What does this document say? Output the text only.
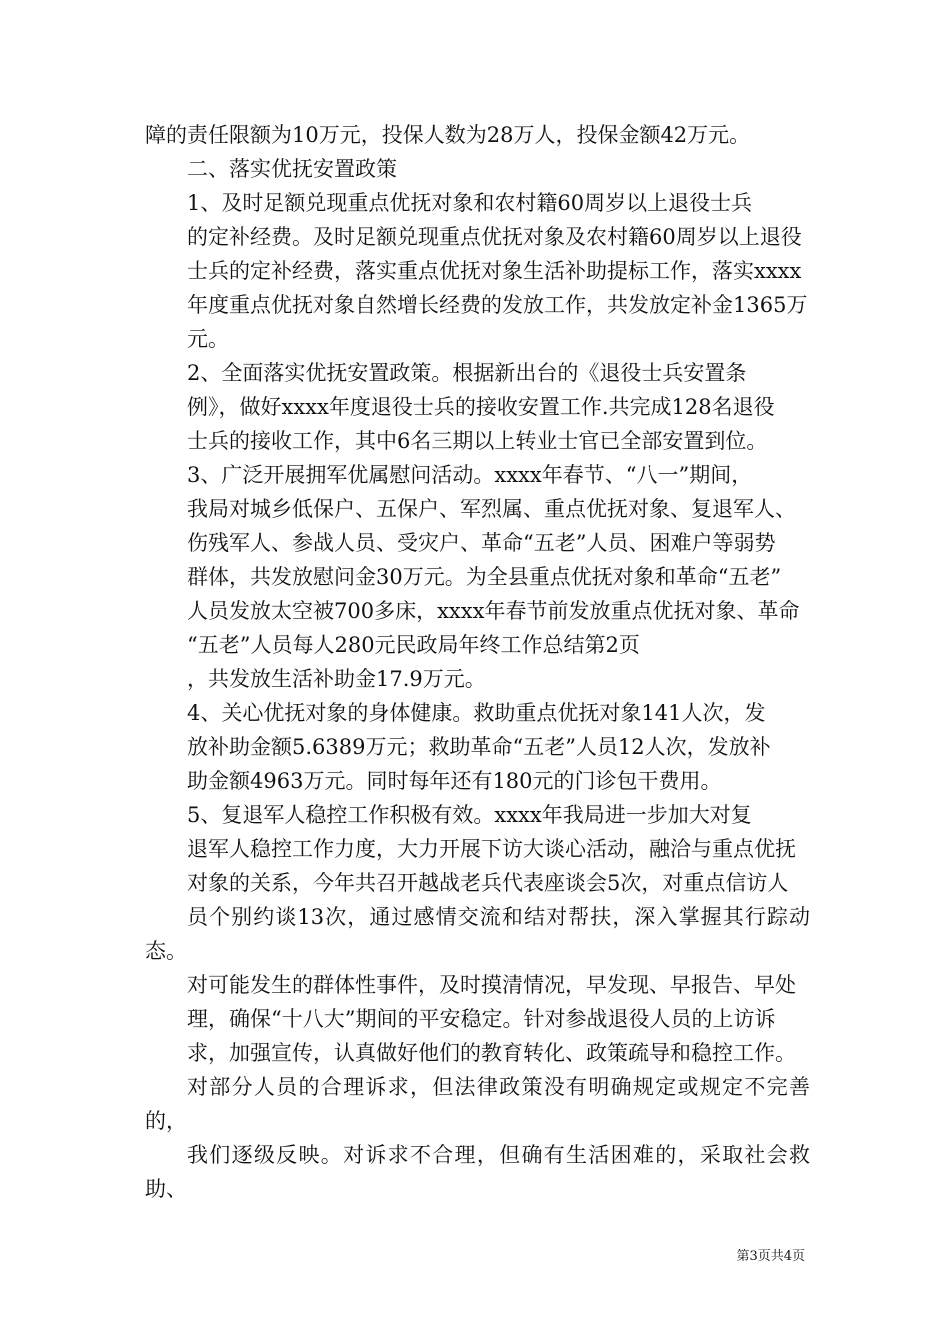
障的责任限额为10万元，投保人数为28万人，投保金额42万元。

二、落实优抚安置政策

1、及时足额兑现重点优抚对象和农村籍60周岁以上退役士兵
的定补经费。及时足额兑现重点优抚对象及农村籍60周岁以上退役
士兵的定补经费，落实重点优抚对象生活补助提标工作，落实xxxx
年度重点优抚对象自然增长经费的发放工作，共发放定补金1365万
元。

2、全面落实优抚安置政策。根据新出台的《退役士兵安置条
例》，做好xxxx年度退役士兵的接收安置工作.共完成128名退役
士兵的接收工作，其中6名三期以上转业士官已全部安置到位。

3、广泛开展拥军优属慰问活动。xxxx年春节、“八一”期间，
我局对城乡低保户、五保户、军烈属、重点优抚对象、复退军人、
伤残军人、参战人员、受灾户、革命“五老”人员、困难户等弱势
群体，共发放慰问金30万元。为全县重点优抚对象和革命“五老”
人员发放太空被700多床，xxxx年春节前发放重点优抚对象、革命
“五老”人员每人280元民政局年终工作总结第2页

，共发放生活补助金17.9万元。

4、关心优抚对象的身体健康。救助重点优抚对象141人次，发
放补助金额5.6389万元；救助革命“五老”人员12人次，发放补
助金额4963万元。同时每年还有180元的门诊包干费用。

5、复退军人稳控工作积极有效。xxxx年我局进一步加大对复
退军人稳控工作力度，大力开展下访大谈心活动，融洽与重点优抚
对象的关系，今年共召开越战老兵代表座谈会5次，对重点信访人
员个别约谈13次，通过感情交流和结对帮扶，深入掌握其行踪动态。
对可能发生的群体性事件，及时摸清情况，早发现、早报告、早处
理，确保“十八大”期间的平安稳定。针对参战退役人员的上访诉
求，加强宣传，认真做好他们的教育转化、政策疏导和稳控工作。
对部分人员的合理诉求，但法律政策没有明确规定或规定不完善的，
我们逐级反映。对诉求不合理，但确有生活困难的，采取社会救助、

第3页共4页
